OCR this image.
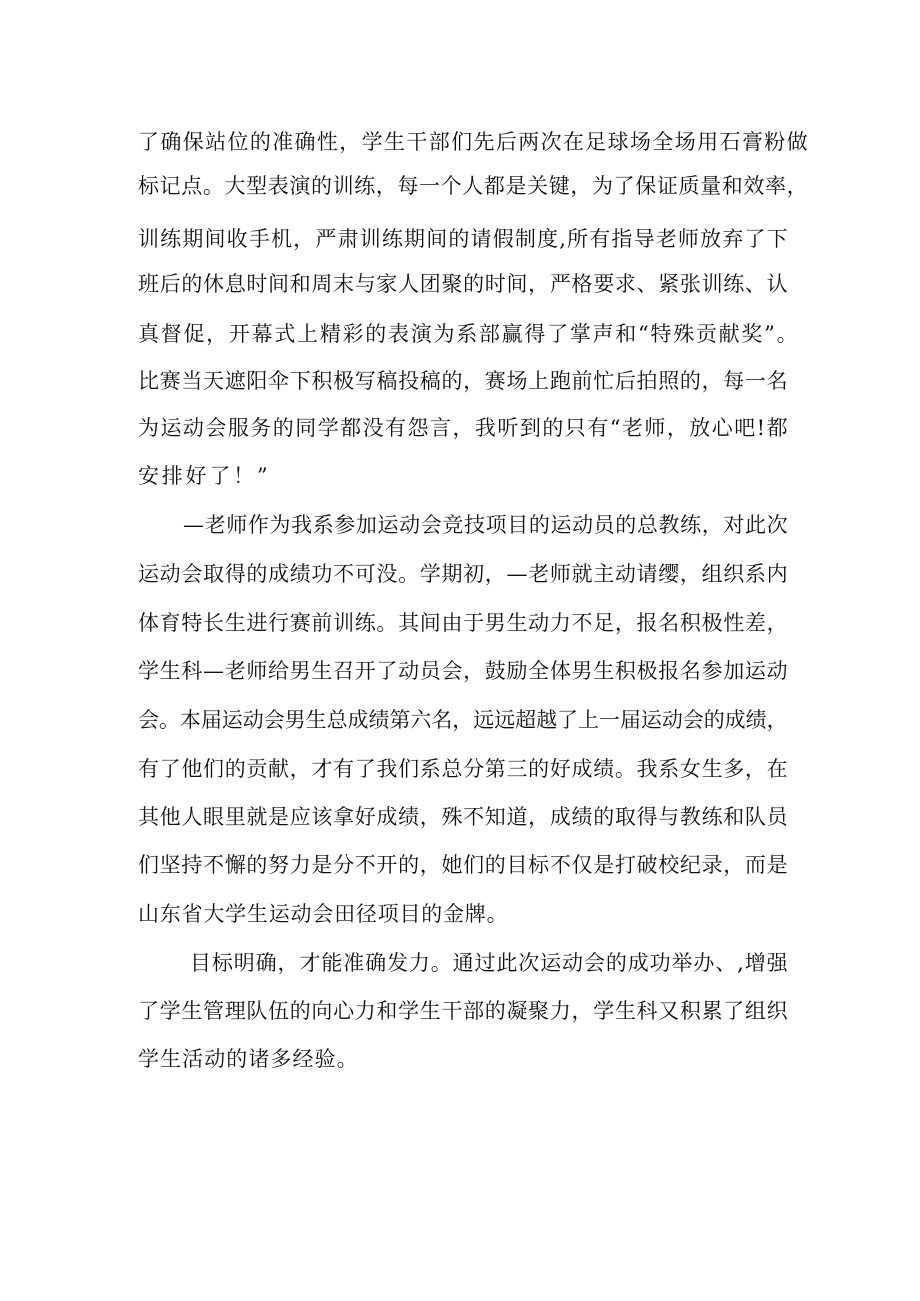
了确保站位的准确性，学生干部们先后两次在足球场全场用石膏粉做
标记点。大型表演的训练，每一个人都是关键，为了保证质量和效率，
训练期间收手机，严肃训练期间的请假制度,所有指导老师放弃了下
班后的休息时间和周末与家人团聚的时间，严格要求、紧张训练、认
真督促，开幕式上精彩的表演为系部赢得了掌声和“特殊贡献奖”。
比赛当天遮阳伞下积极写稿投稿的，赛场上跑前忙后拍照的，每一名
为运动会服务的同学都没有怨言，我听到的只有“老师，放心吧!都
安排好了！”
—老师作为我系参加运动会竞技项目的运动员的总教练，对此次
运动会取得的成绩功不可没。学期初，—老师就主动请缨，组织系内
体育特长生进行赛前训练。其间由于男生动力不足，报名积极性差，
学生科—老师给男生召开了动员会，鼓励全体男生积极报名参加运动
会。本届运动会男生总成绩第六名，远远超越了上一届运动会的成绩，
有了他们的贡献，才有了我们系总分第三的好成绩。我系女生多，在
其他人眼里就是应该拿好成绩，殊不知道，成绩的取得与教练和队员
们坚持不懈的努力是分不开的，她们的目标不仅是打破校纪录，而是
山东省大学生运动会田径项目的金牌。
目标明确，才能准确发力。通过此次运动会的成功举办、,增强
了学生管理队伍的向心力和学生干部的凝聚力，学生科又积累了组织
学生活动的诸多经验。
